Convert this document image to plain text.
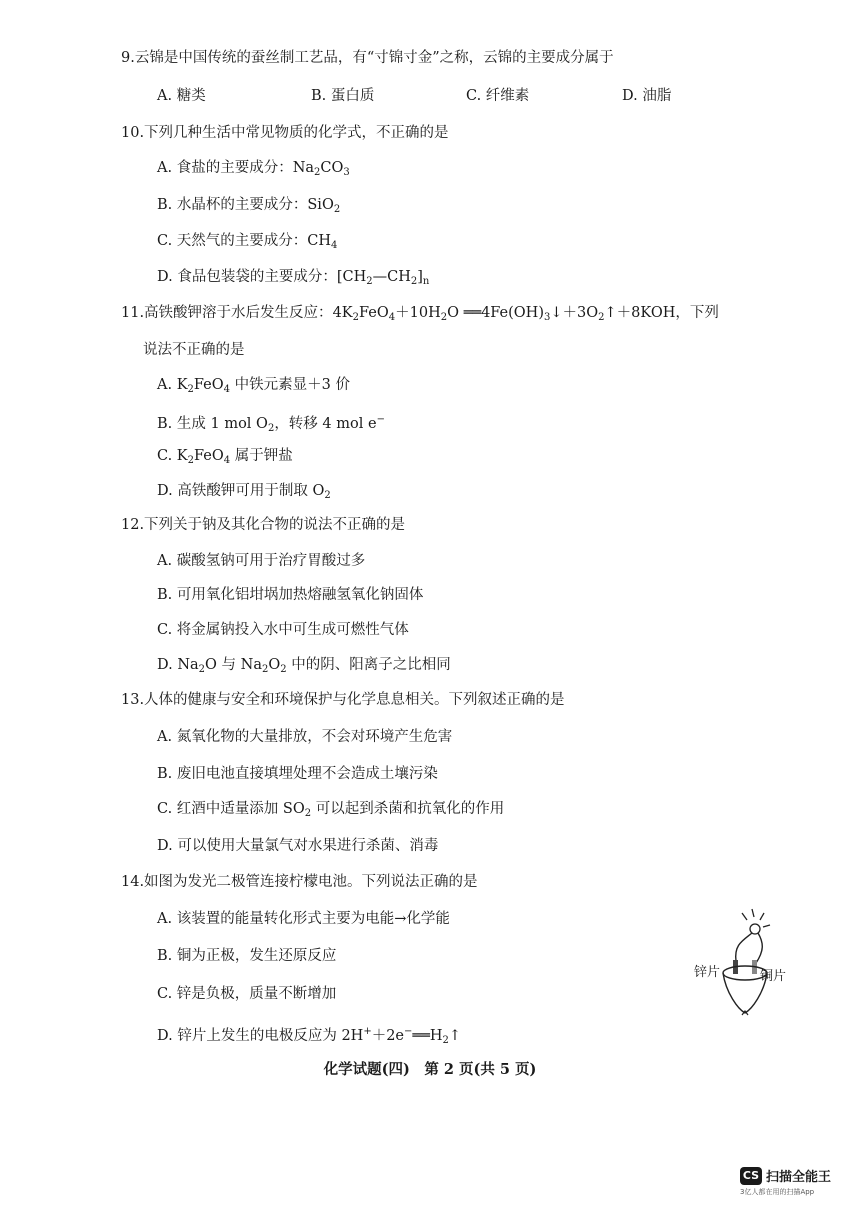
9.云锦是中国传统的蚕丝制工艺品，有“寸锦寸金”之称，云锦的主要成分属于
A. 糖类	B. 蛋白质	C. 纤维素	D. 油脂
10.下列几种生活中常见物质的化学式，不正确的是
A. 食盐的主要成分：$Na_2CO_3$
B. 水晶杯的主要成分：SiO$_2$
C. 天然气的主要成分：$CH_4$
D. 食品包装袋的主要成分：$[CH_2—CH_2]_n$
11.高铁酸钾溶于水后发生反应：$4K_2FeO_4+10H_2O$ $══4Fe(OH)_3↓+3O_2↑+8KOH$，下列
说法不正确的是
A. $K_2FeO_4$ 中铁元素显＋3 价
B. 生成 1 mol $O_2$，转移 4 mol e−
C. $K_2FeO_4$ 属于钾盐
D. 高铁酸钾可用于制取 $O_2$
12.下列关于钠及其化合物的说法不正确的是
A. 碳酸氢钠可用于治疗胃酸过多
B. 可用氧化铝坩埚加热熔融氢氧化钠固体
C. 将金属钠投入水中可生成可燃性气体
D. $Na_2O$ 与 $Na_2O_2$ 中的阴、阳离子之比相同
13.人体的健康与安全和环境保护与化学息息相关。下列叙述正确的是
A. 氮氧化物的大量排放，不会对环境产生危害
B. 废旧电池直接填埋处理不会造成土壤污染
C. 红酒中适量添加 $SO_2$ 可以起到杀菌和抗氧化的作用
D. 可以使用大量氯气对水果进行杀菌、消毒
14.如图为发光二极管连接柠檬电池。下列说法正确的是
A. 该装置的能量转化形式主要为电能→化学能
B. 铜为正极，发生还原反应
C. 锌是负极，质量不断增加
D. 锌片上发生的电极反应为 $2H^++2e^-══H_2↑$
锌片	铜片
化学试题(四)　第 2 页(共 5 页)
CS 扫描全能王
3亿人都在用的扫描App
